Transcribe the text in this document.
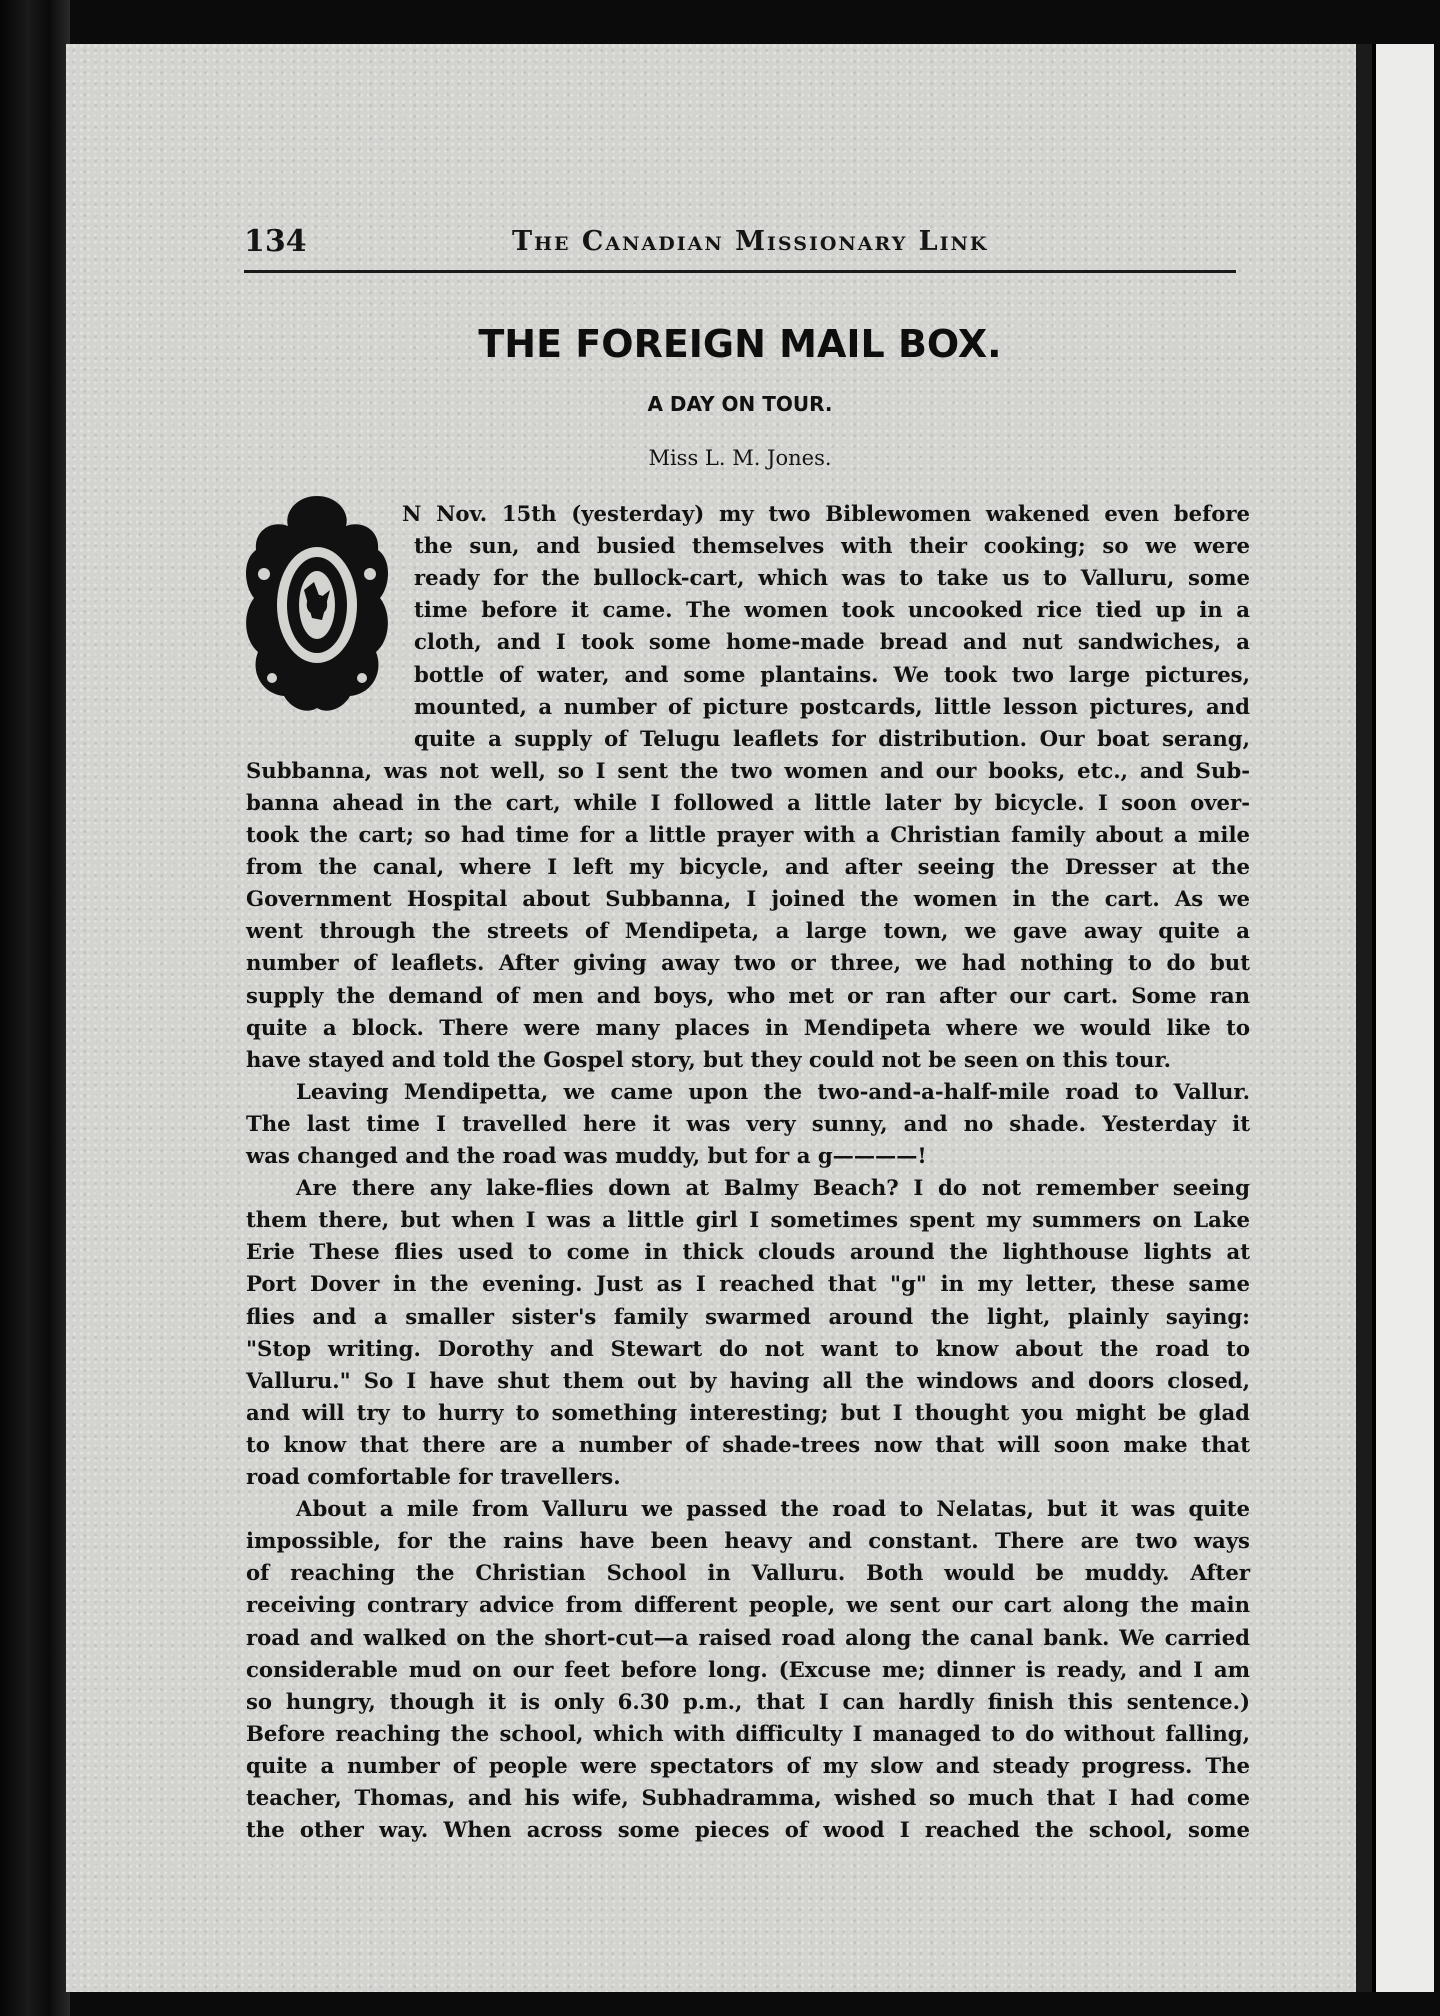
134	The Canadian Missionary Link
THE FOREIGN MAIL BOX.
A DAY ON TOUR.
Miss L. M. Jones.
O
N Nov. 15th (yesterday) my two Biblewomen wakened even before
the sun, and busied themselves with their cooking; so we were
ready for the bullock-cart, which was to take us to Valluru, some
time before it came. The women took uncooked rice tied up in a
cloth, and I took some home-made bread and nut sandwiches, a
bottle of water, and some plantains. We took two large pictures,
mounted, a number of picture postcards, little lesson pictures, and
quite a supply of Telugu leaflets for distribution. Our boat serang,
Subbanna, was not well, so I sent the two women and our books, etc., and Sub-
banna ahead in the cart, while I followed a little later by bicycle. I soon over-
took the cart; so had time for a little prayer with a Christian family about a mile
from the canal, where I left my bicycle, and after seeing the Dresser at the
Government Hospital about Subbanna, I joined the women in the cart. As we
went through the streets of Mendipeta, a large town, we gave away quite a
number of leaflets. After giving away two or three, we had nothing to do but
supply the demand of men and boys, who met or ran after our cart. Some ran
quite a block. There were many places in Mendipeta where we would like to
have stayed and told the Gospel story, but they could not be seen on this tour.
Leaving Mendipetta, we came upon the two-and-a-half-mile road to Vallur.
The last time I travelled here it was very sunny, and no shade. Yesterday it
was changed and the road was muddy, but for a g————!
Are there any lake-flies down at Balmy Beach? I do not remember seeing
them there, but when I was a little girl I sometimes spent my summers on Lake
Erie These flies used to come in thick clouds around the lighthouse lights at
Port Dover in the evening. Just as I reached that "g" in my letter, these same
flies and a smaller sister's family swarmed around the light, plainly saying:
"Stop writing. Dorothy and Stewart do not want to know about the road to
Valluru." So I have shut them out by having all the windows and doors closed,
and will try to hurry to something interesting; but I thought you might be glad
to know that there are a number of shade-trees now that will soon make that
road comfortable for travellers.
About a mile from Valluru we passed the road to Nelatas, but it was quite
impossible, for the rains have been heavy and constant. There are two ways
of reaching the Christian School in Valluru. Both would be muddy. After
receiving contrary advice from different people, we sent our cart along the main
road and walked on the short-cut—a raised road along the canal bank. We carried
considerable mud on our feet before long. (Excuse me; dinner is ready, and I am
so hungry, though it is only 6.30 p.m., that I can hardly finish this sentence.)
Before reaching the school, which with difficulty I managed to do without falling,
quite a number of people were spectators of my slow and steady progress. The
teacher, Thomas, and his wife, Subhadramma, wished so much that I had come
the other way. When across some pieces of wood I reached the school, some
